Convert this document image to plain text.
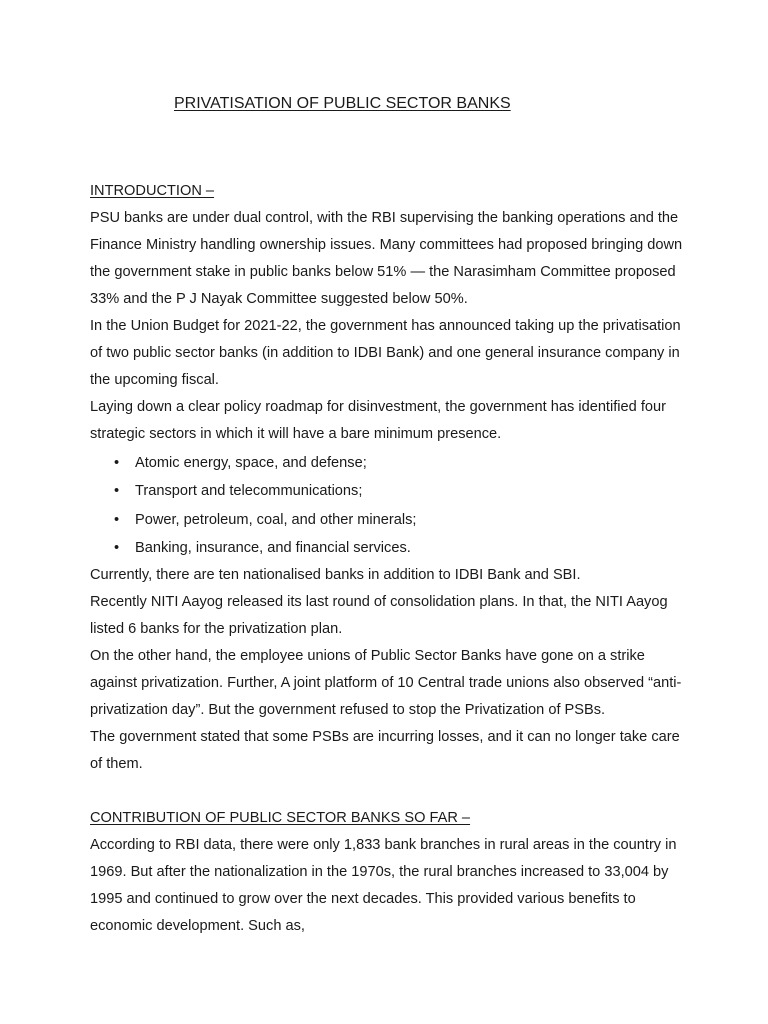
PRIVATISATION OF PUBLIC SECTOR BANKS
INTRODUCTION –

PSU banks are under dual control, with the RBI supervising the banking operations and the Finance Ministry handling ownership issues. Many committees had proposed bringing down the government stake in public banks below 51% — the Narasimham Committee proposed 33% and the P J Nayak Committee suggested below 50%.

In the Union Budget for 2021-22, the government has announced taking up the privatisation of two public sector banks (in addition to IDBI Bank) and one general insurance company in the upcoming fiscal.

Laying down a clear policy roadmap for disinvestment, the government has identified four strategic sectors in which it will have a bare minimum presence.

• Atomic energy, space, and defense;
• Transport and telecommunications;
• Power, petroleum, coal, and other minerals;
• Banking, insurance, and financial services.

Currently, there are ten nationalised banks in addition to IDBI Bank and SBI.

Recently NITI Aayog released its last round of consolidation plans. In that, the NITI Aayog listed 6 banks for the privatization plan.

On the other hand, the employee unions of Public Sector Banks have gone on a strike against privatization. Further, A joint platform of 10 Central trade unions also observed “anti-privatization day”. But the government refused to stop the Privatization of PSBs.

The government stated that some PSBs are incurring losses, and it can no longer take care of them.

CONTRIBUTION OF PUBLIC SECTOR BANKS SO FAR –

According to RBI data, there were only 1,833 bank branches in rural areas in the country in 1969. But after the nationalization in the 1970s, the rural branches increased to 33,004 by 1995 and continued to grow over the next decades. This provided various benefits to economic development. Such as,
